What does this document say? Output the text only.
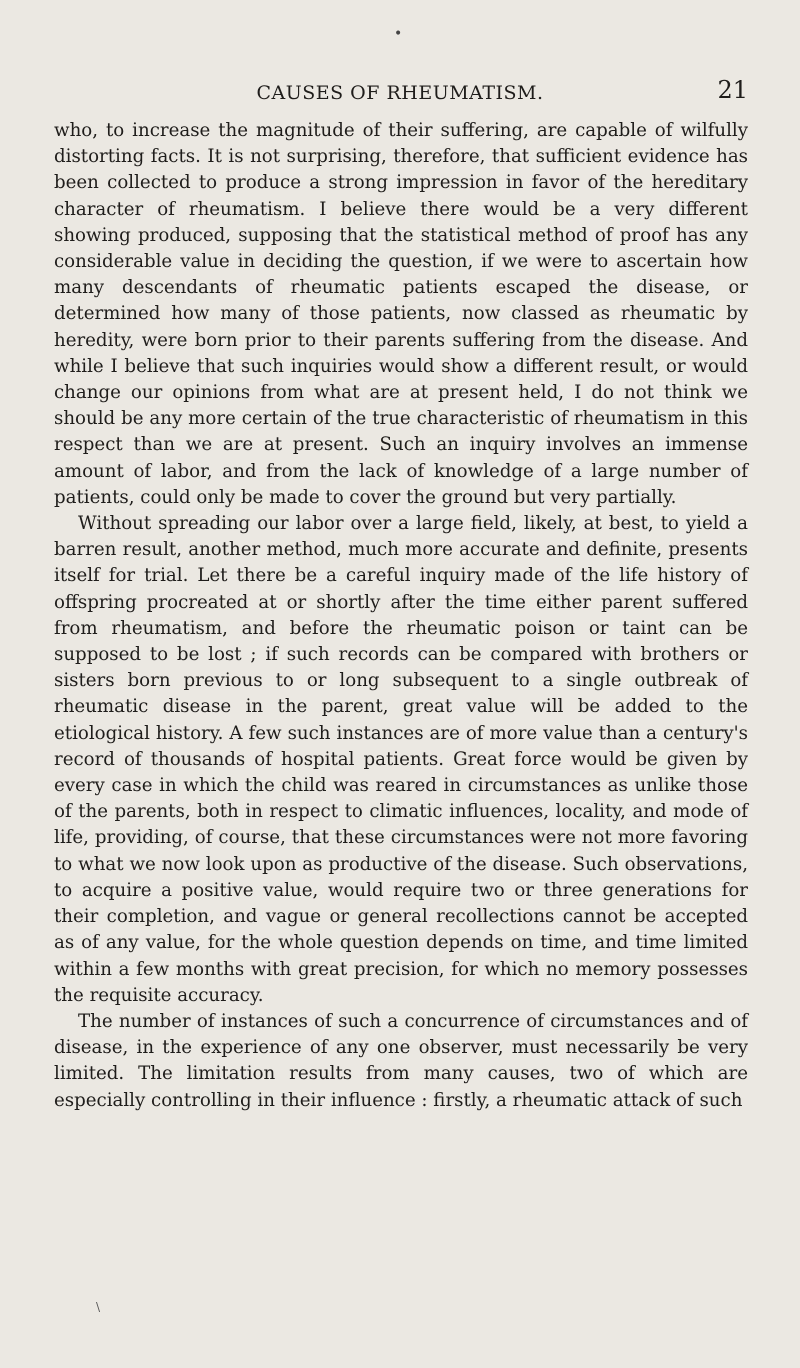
•
CAUSES OF RHEUMATISM.	21

who, to increase the magnitude of their suffering, are capable of wilfully distorting facts. It is not surprising, therefore, that sufficient evidence has been collected to produce a strong impression in favor of the hereditary character of rheumatism. I believe there would be a very different showing produced, supposing that the statistical method of proof has any considerable value in deciding the question, if we were to ascertain how many descendants of rheumatic patients escaped the disease, or determined how many of those patients, now classed as rheumatic by heredity, were born prior to their parents suffering from the disease. And while I believe that such inquiries would show a different result, or would change our opinions from what are at present held, I do not think we should be any more certain of the true characteristic of rheumatism in this respect than we are at present. Such an inquiry involves an immense amount of labor, and from the lack of knowledge of a large number of patients, could only be made to cover the ground but very partially.

Without spreading our labor over a large field, likely, at best, to yield a barren result, another method, much more accurate and definite, presents itself for trial. Let there be a careful inquiry made of the life history of offspring procreated at or shortly after the time either parent suffered from rheumatism, and before the rheumatic poison or taint can be supposed to be lost ; if such records can be compared with brothers or sisters born previous to or long subsequent to a single outbreak of rheumatic disease in the parent, great value will be added to the etiological history. A few such instances are of more value than a century's record of thousands of hospital patients. Great force would be given by every case in which the child was reared in circumstances as unlike those of the parents, both in respect to climatic influences, locality, and mode of life, providing, of course, that these circumstances were not more favoring to what we now look upon as productive of the disease. Such observations, to acquire a positive value, would require two or three generations for their completion, and vague or general recollections cannot be accepted as of any value, for the whole question depends on time, and time limited within a few months with great precision, for which no memory possesses the requisite accuracy.

The number of instances of such a concurrence of circumstances and of disease, in the experience of any one observer, must necessarily be very limited. The limitation results from many causes, two of which are especially controlling in their influence : firstly, a rheumatic attack of such

\
